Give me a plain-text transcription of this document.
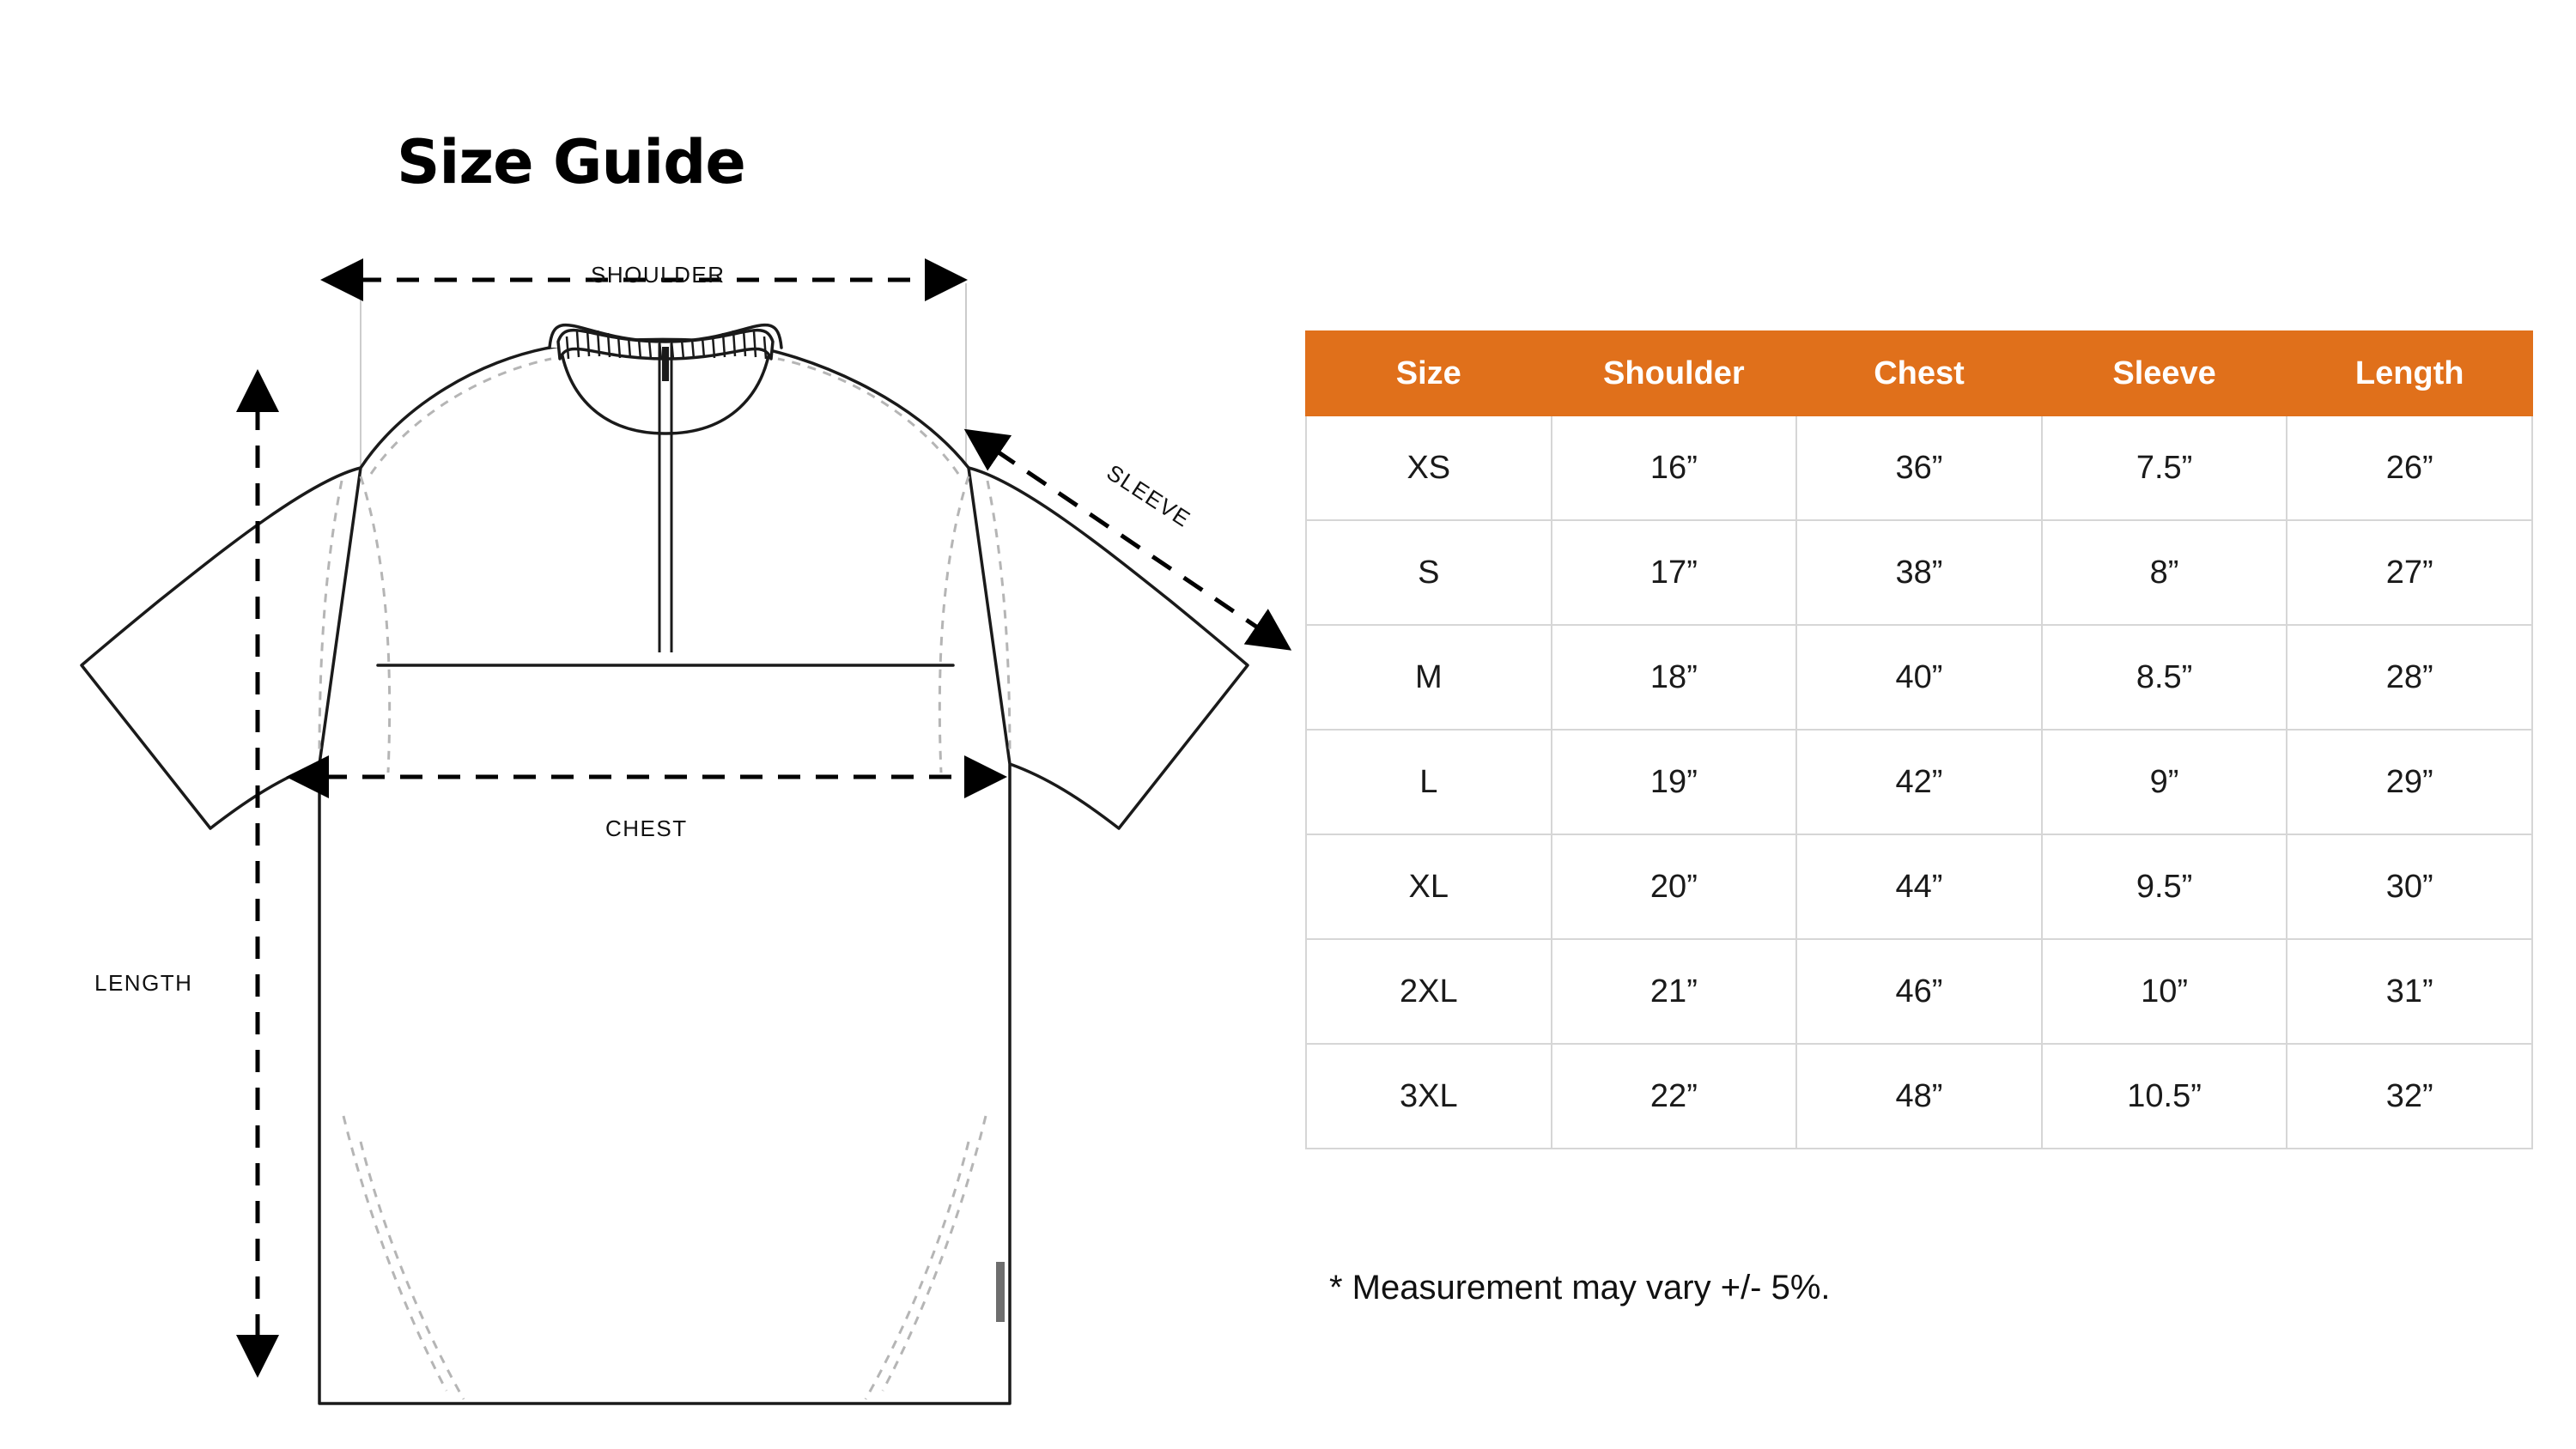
Size Guide
SHOULDER
CHEST
LENGTH
SLEEVE
Size	Shoulder	Chest	Sleeve	Length
XS	16”	36”	7.5”	26”
S	17”	38”	8”	27”
M	18”	40”	8.5”	28”
L	19”	42”	9”	29”
XL	20”	44”	9.5”	30”
2XL	21”	46”	10”	31”
3XL	22”	48”	10.5”	32”
* Measurement may vary +/- 5%.
